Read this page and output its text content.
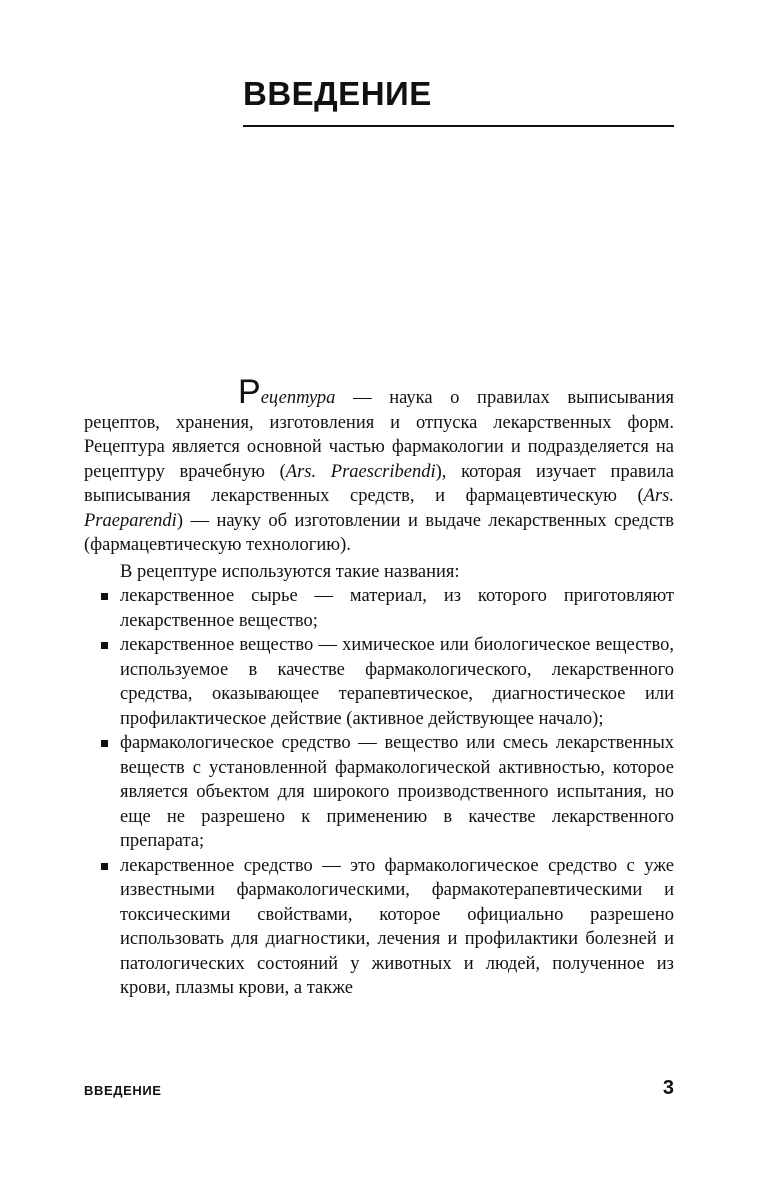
ВВЕДЕНИЕ

Рецептура — наука о правилах выписывания рецептов, хранения, изготовления и отпуска лекарственных форм. Рецептура является основной частью фармакологии и подразделяется на рецептуру врачебную (Ars. Praescribendi), которая изучает правила выписывания лекарственных средств, и фармацевтическую (Ars. Praeparendi) — науку об изготовлении и выдаче лекарственных средств (фармацевтическую технологию).

В рецептуре используются такие названия:

лекарственное сырье — материал, из которого приготовляют лекарственное вещество;
лекарственное вещество — химическое или биологическое вещество, используемое в качестве фармакологического, лекарственного средства, оказывающее терапевтическое, диагностическое или профилактическое действие (активное действующее начало);
фармакологическое средство — вещество или смесь лекарственных веществ с установленной фармакологической активностью, которое является объектом для широкого производственного испытания, но еще не разрешено к применению в качестве лекарственного препарата;
лекарственное средство — это фармакологическое средство с уже известными фармакологическими, фармакотерапевтическими и токсическими свойствами, которое официально разрешено использовать для диагностики, лечения и профилактики болезней и патологических состояний у животных и людей, полученное из крови, плазмы крови, а также
ВВЕДЕНИЕ	3
